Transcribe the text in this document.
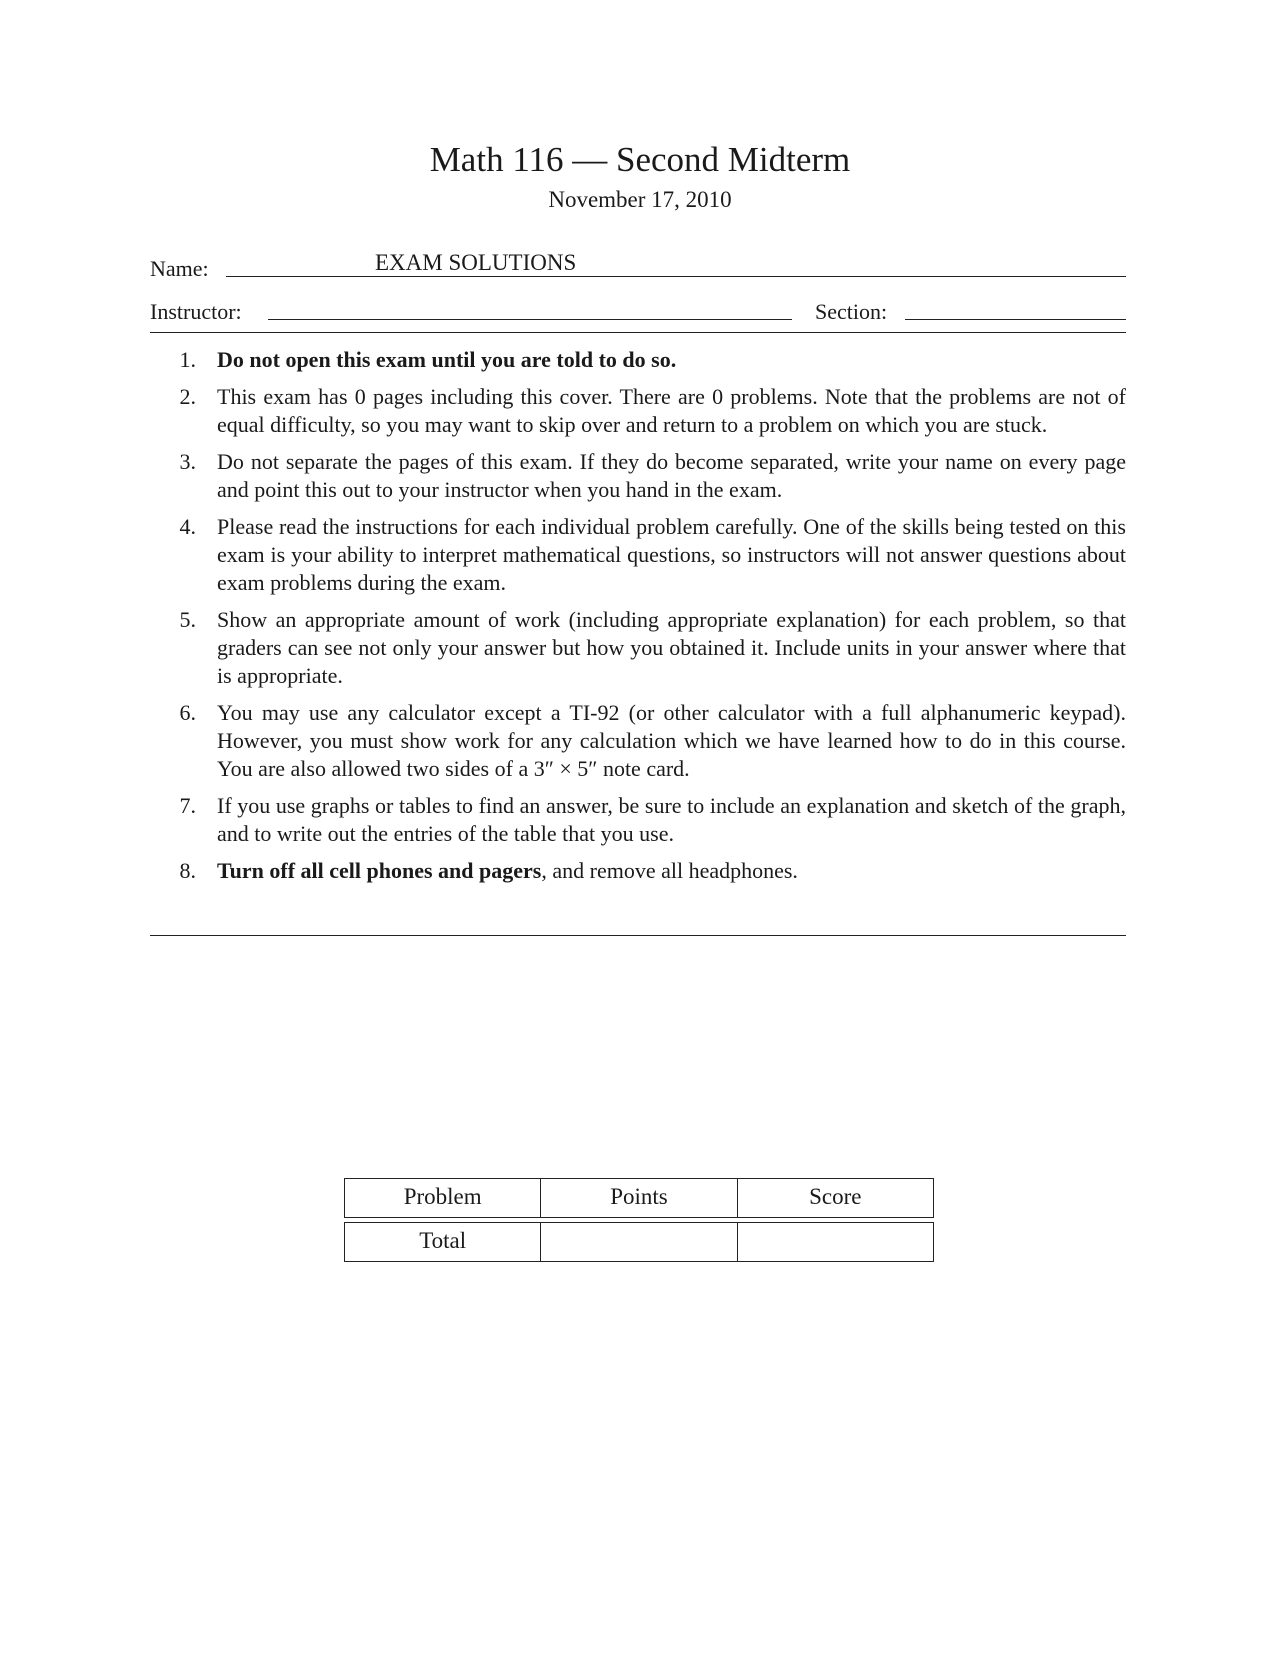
Math 116 — Second Midterm
November 17, 2010
Name:	EXAM SOLUTIONS
Instructor:	Section:
1. Do not open this exam until you are told to do so.
2. This exam has 0 pages including this cover. There are 0 problems. Note that the problems are not of equal difficulty, so you may want to skip over and return to a problem on which you are stuck.
3. Do not separate the pages of this exam. If they do become separated, write your name on every page and point this out to your instructor when you hand in the exam.
4. Please read the instructions for each individual problem carefully. One of the skills being tested on this exam is your ability to interpret mathematical questions, so instructors will not answer questions about exam problems during the exam.
5. Show an appropriate amount of work (including appropriate explanation) for each problem, so that graders can see not only your answer but how you obtained it. Include units in your answer where that is appropriate.
6. You may use any calculator except a TI-92 (or other calculator with a full alphanumeric keypad). However, you must show work for any calculation which we have learned how to do in this course. You are also allowed two sides of a 3″ × 5″ note card.
7. If you use graphs or tables to find an answer, be sure to include an explanation and sketch of the graph, and to write out the entries of the table that you use.
8. Turn off all cell phones and pagers, and remove all headphones.
Problem	Points	Score
Total
